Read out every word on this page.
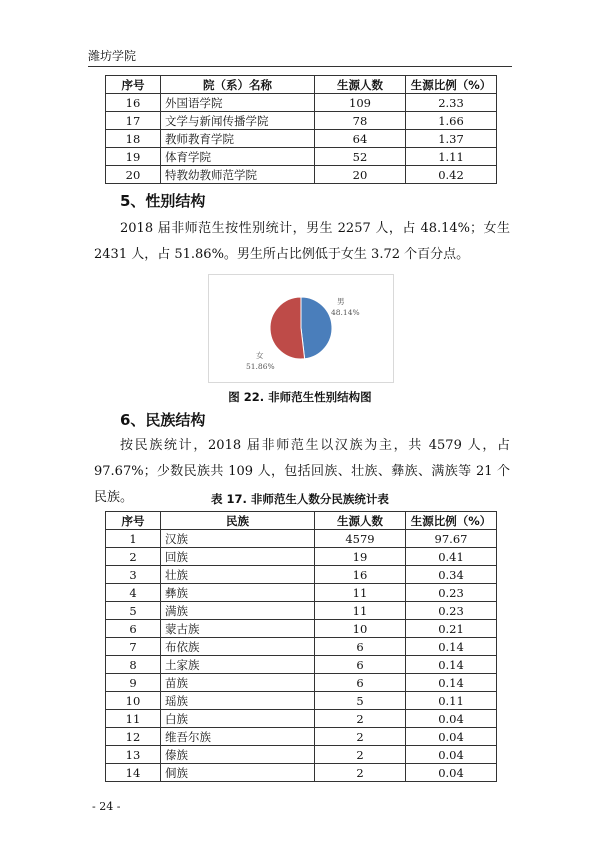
潍坊学院
序号	院（系）名称	生源人数	生源比例（%）
16	外国语学院	109	2.33
17	文学与新闻传播学院	78	1.66
18	教师教育学院	64	1.37
19	体育学院	52	1.11
20	特教幼教师范学院	20	0.42
5、性别结构
2018 届非师范生按性别统计，男生 2257 人，占 48.14%；女生 2431 人，占 51.86%。男生所占比例低于女生 3.72 个百分点。
男
48.14%
女
51.86%
图 22. 非师范生性别结构图
6、民族结构
按民族统计，2018 届非师范生以汉族为主，共 4579 人，占 97.67%；少数民族共 109 人，包括回族、壮族、彝族、满族等 21 个民族。	表 17. 非师范生人数分民族统计表
序号	民族	生源人数	生源比例（%）
1	汉族	4579	97.67
2	回族	19	0.41
3	壮族	16	0.34
4	彝族	11	0.23
5	满族	11	0.23
6	蒙古族	10	0.21
7	布依族	6	0.14
8	土家族	6	0.14
9	苗族	6	0.14
10	瑶族	5	0.11
11	白族	2	0.04
12	维吾尔族	2	0.04
13	傣族	2	0.04
14	侗族	2	0.04
- 24 -
